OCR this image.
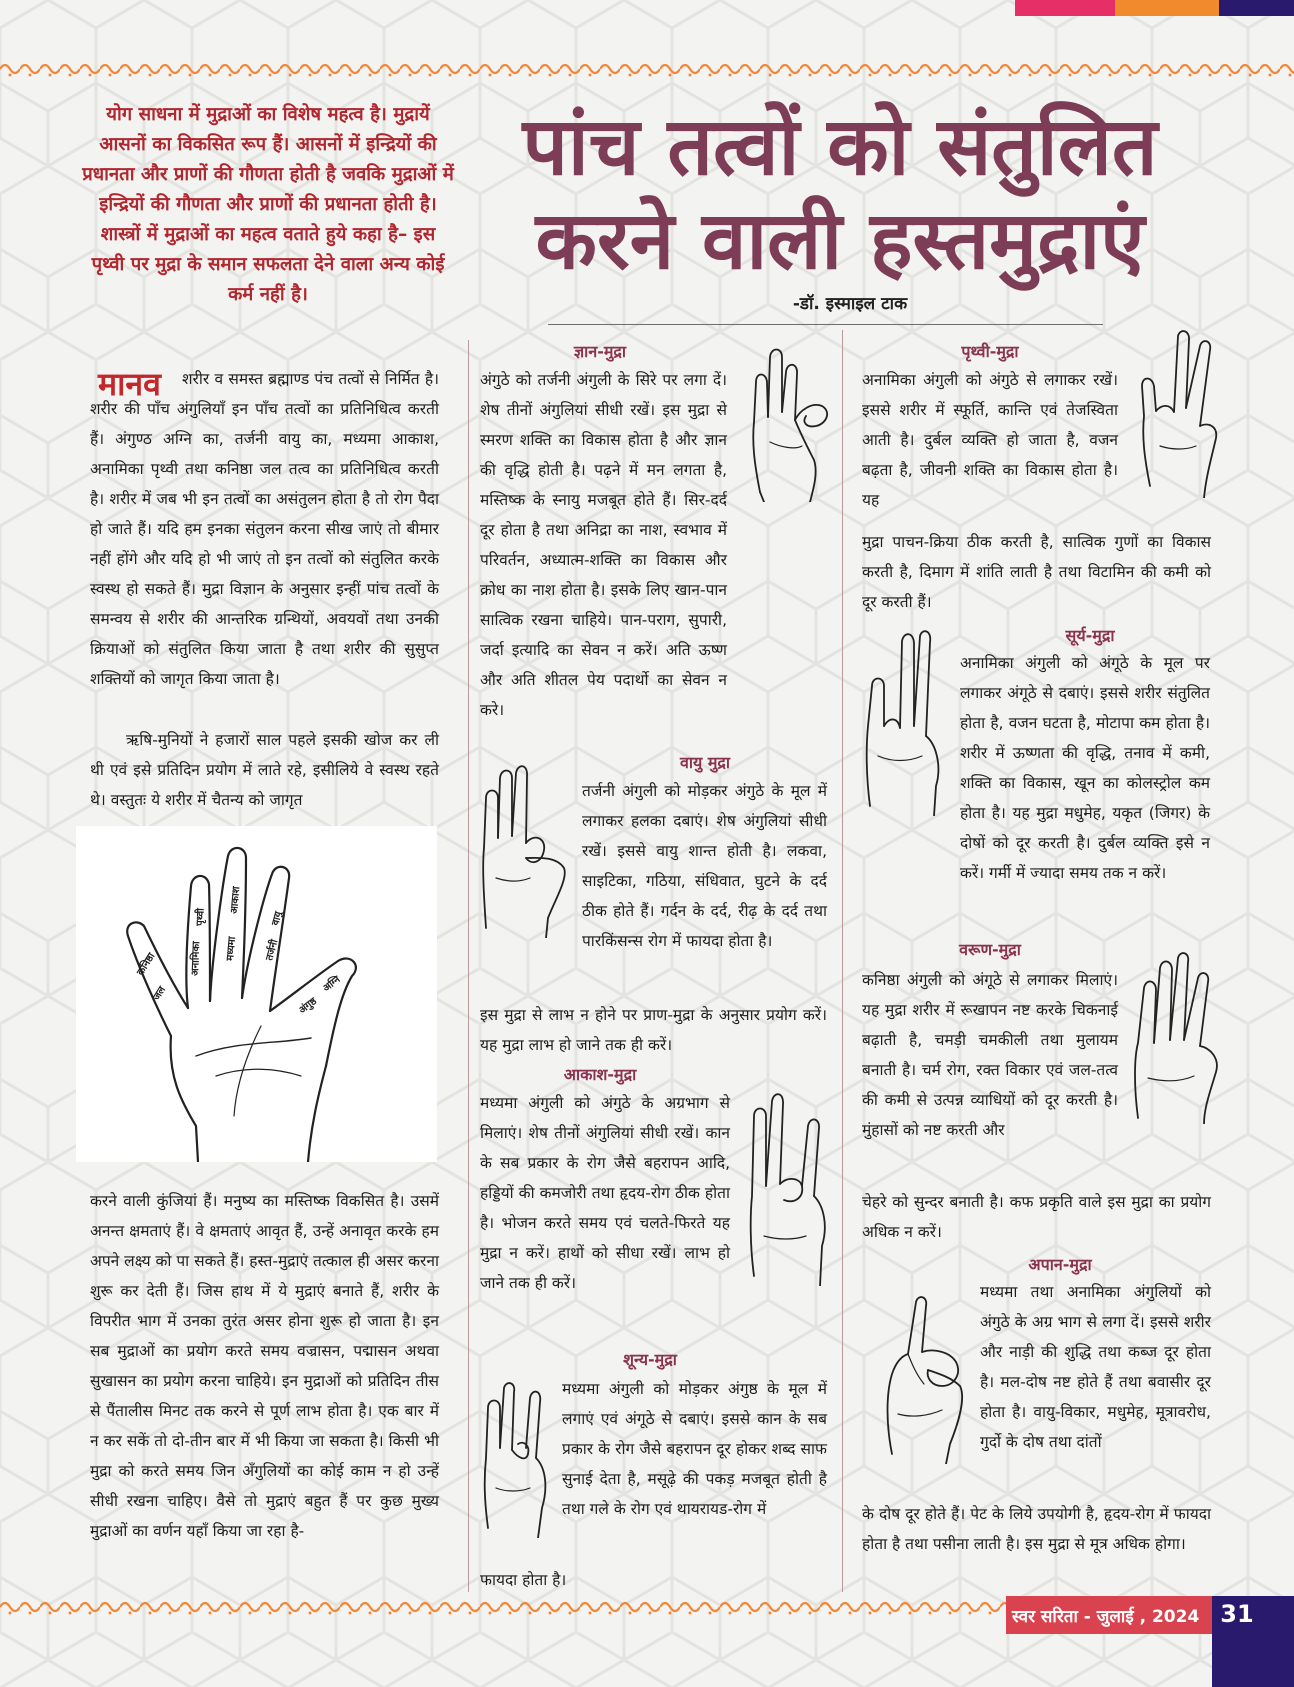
योग साधना में मुद्राओं का विशेष महत्व है। मुद्रायें आसनों का विकसित रूप हैं। आसनों में इन्द्रियों की प्रधानता और प्राणों की गौणता होती है जवकि मुद्राओं में इन्द्रियों की गौणता और प्राणों की प्रधानता होती है। शास्त्रों में मुद्राओं का महत्व वताते हुये कहा है– इस पृथ्वी पर मुद्रा के समान सफलता देने वाला अन्य कोई कर्म नहीं है।
पांच तत्वों को संतुलित
करने वाली हस्तमुद्राएं
-डॉ. इस्माइल टाक
मानव	शरीर व समस्त ब्रह्माण्ड पंच तत्वों से निर्मित है। शरीर की पाँच अंगुलियाँ इन पाँच तत्वों का प्रतिनिधित्व करती हैं। अंगुण्ठ अग्नि का, तर्जनी वायु का, मध्यमा आकाश, अनामिका पृथ्वी तथा कनिष्ठा जल तत्व का प्रतिनिधित्व करती है। शरीर में जब भी इन तत्वों का असंतुलन होता है तो रोग पैदा हो जाते हैं। यदि हम इनका संतुलन करना सीख जाएं तो बीमार नहीं होंगे और यदि हो भी जाएं तो इन तत्वों को संतुलित करके स्वस्थ हो सकते हैं। मुद्रा विज्ञान के अनुसार इन्हीं पांच तत्वों के समन्वय से शरीर की आन्तरिक ग्रन्थियों, अवयवों तथा उनकी क्रियाओं को संतुलित किया जाता है तथा शरीर की सुसुप्त शक्तियों को जागृत किया जाता है।

ऋषि-मुनियों ने हजारों साल पहले इसकी खोज कर ली थी एवं इसे प्रतिदिन प्रयोग में लाते रहे, इसीलिये वे स्वस्थ रहते थे। वस्तुतः ये शरीर में चैतन्य को जागृत

कनिष्ठा	अनामिका मध्यमा	तर्जनी
अंगुष्ठ
जल
पृथ्वी
आकाश
वायु
अग्नि

करने वाली कुंजियां हैं। मनुष्य का मस्तिष्क विकसित है। उसमें अनन्त क्षमताएं हैं। वे क्षमताएं आवृत हैं, उन्हें अनावृत करके हम अपने लक्ष्य को पा सकते हैं। हस्त-मुद्राएं तत्काल ही असर करना शुरू कर देती हैं। जिस हाथ में ये मुद्राएं बनाते हैं, शरीर के विपरीत भाग में उनका तुरंत असर होना शुरू हो जाता है। इन सब मुद्राओं का प्रयोग करते समय वज्रासन, पद्मासन अथवा सुखासन का प्रयोग करना चाहिये। इन मुद्राओं को प्रतिदिन तीस से पैंतालीस मिनट तक करने से पूर्ण लाभ होता है। एक बार में न कर सकें तो दो-तीन बार में भी किया जा सकता है। किसी भी मुद्रा को करते समय जिन अँगुलियों का कोई काम न हो उन्हें सीधी रखना चाहिए। वैसे तो मुद्राएं बहुत हैं पर कुछ मुख्य मुद्राओं का वर्णन यहाँ किया जा रहा है-

ज्ञान-मुद्रा

अंगुठे को तर्जनी अंगुली के सिरे पर लगा दें। शेष तीनों अंगुलियां सीधी रखें। इस मुद्रा से स्मरण शक्ति का विकास होता है और ज्ञान की वृद्धि होती है। पढ़ने में मन लगता है, मस्तिष्क के स्नायु मजबूत होते हैं। सिर-दर्द दूर होता है तथा अनिद्रा का नाश, स्वभाव में परिवर्तन, अध्यात्म-शक्ति का विकास और क्रोध का नाश होता है। इसके लिए खान-पान सात्विक रखना चाहिये। पान-पराग, सुपारी, जर्दा इत्यादि का सेवन न करें। अति ऊष्ण और अति शीतल पेय पदार्थो का सेवन न करे।

वायु मुद्रा

तर्जनी अंगुली को मोड़कर अंगुठे के मूल में लगाकर हलका दबाएं। शेष अंगुलियां सीधी रखें। इससे वायु शान्त होती है। लकवा, साइटिका, गठिया, संधिवात, घुटने के दर्द ठीक होते हैं। गर्दन के दर्द, रीढ़ के दर्द तथा पारकिंसन्स रोग में फायदा होता है।

इस मुद्रा से लाभ न होने पर प्राण-मुद्रा के अनुसार प्रयोग करें। यह मुद्रा लाभ हो जाने तक ही करें।

आकाश-मुद्रा

मध्यमा अंगुली को अंगुठे के अग्रभाग से मिलाएं। शेष तीनों अंगुलियां सीधी रखें। कान के सब प्रकार के रोग जैसे बहरापन आदि, हड्डियों की कमजोरी तथा हृदय-रोग ठीक होता है। भोजन करते समय एवं चलते-फिरते यह मुद्रा न करें। हाथों को सीधा रखें। लाभ हो जाने तक ही करें।

शून्य-मुद्रा

मध्यमा अंगुली को मोड़कर अंगुष्ठ के मूल में लगाएं एवं अंगूठे से दबाएं। इससे कान के सब प्रकार के रोग जैसे बहरापन दूर होकर शब्द साफ सुनाई देता है, मसूढ़े की पकड़ मजबूत होती है तथा गले के रोग एवं थायरायड-रोग में

फायदा होता है।

पृथ्वी-मुद्रा

अनामिका अंगुली को अंगुठे से लगाकर रखें। इससे शरीर में स्फूर्ति, कान्ति एवं तेजस्विता आती है। दुर्बल व्यक्ति हो जाता है, वजन बढ़ता है, जीवनी शक्ति का विकास होता है। यह

मुद्रा पाचन-क्रिया ठीक करती है, सात्विक गुणों का विकास करती है, दिमाग में शांति लाती है तथा विटामिन की कमी को दूर करती हैं।

सूर्य-मुद्रा

अनामिका अंगुली को अंगूठे के मूल पर लगाकर अंगूठे से दबाएं। इससे शरीर संतुलित होता है, वजन घटता है, मोटापा कम होता है। शरीर में ऊष्णता की वृद्धि, तनाव में कमी, शक्ति का विकास, खून का कोलस्ट्रोल कम होता है। यह मुद्रा मधुमेह, यकृत (जिगर) के दोषों को दूर करती है। दुर्बल व्यक्ति इसे न करें। गर्मी में ज्यादा समय तक न करें।

वरूण-मुद्रा

कनिष्ठा अंगुली को अंगूठे से लगाकर मिलाएं। यह मुद्रा शरीर में रूखापन नष्ट करके चिकनाई बढ़ाती है, चमड़ी चमकीली तथा मुलायम बनाती है। चर्म रोग, रक्त विकार एवं जल-तत्व की कमी से उत्पन्न व्याधियों को दूर करती है। मुंहासों को नष्ट करती और

चेहरे को सुन्दर बनाती है। कफ प्रकृति वाले इस मुद्रा का प्रयोग अधिक न करें।

अपान-मुद्रा

मध्यमा तथा अनामिका अंगुलियों को अंगुठे के अग्र भाग से लगा दें। इससे शरीर और नाड़ी की शुद्धि तथा कब्ज दूर होता है। मल-दोष नष्ट होते हैं तथा बवासीर दूर होता है। वायु-विकार, मधुमेह, मूत्रावरोध, गुर्दो के दोष तथा दांतों

के दोष दूर होते हैं। पेट के लिये उपयोगी है, हृदय-रोग में फायदा होता है तथा पसीना लाती है। इस मुद्रा से मूत्र अधिक होगा।

स्वर सरिता - जुलाई , 2024 31
